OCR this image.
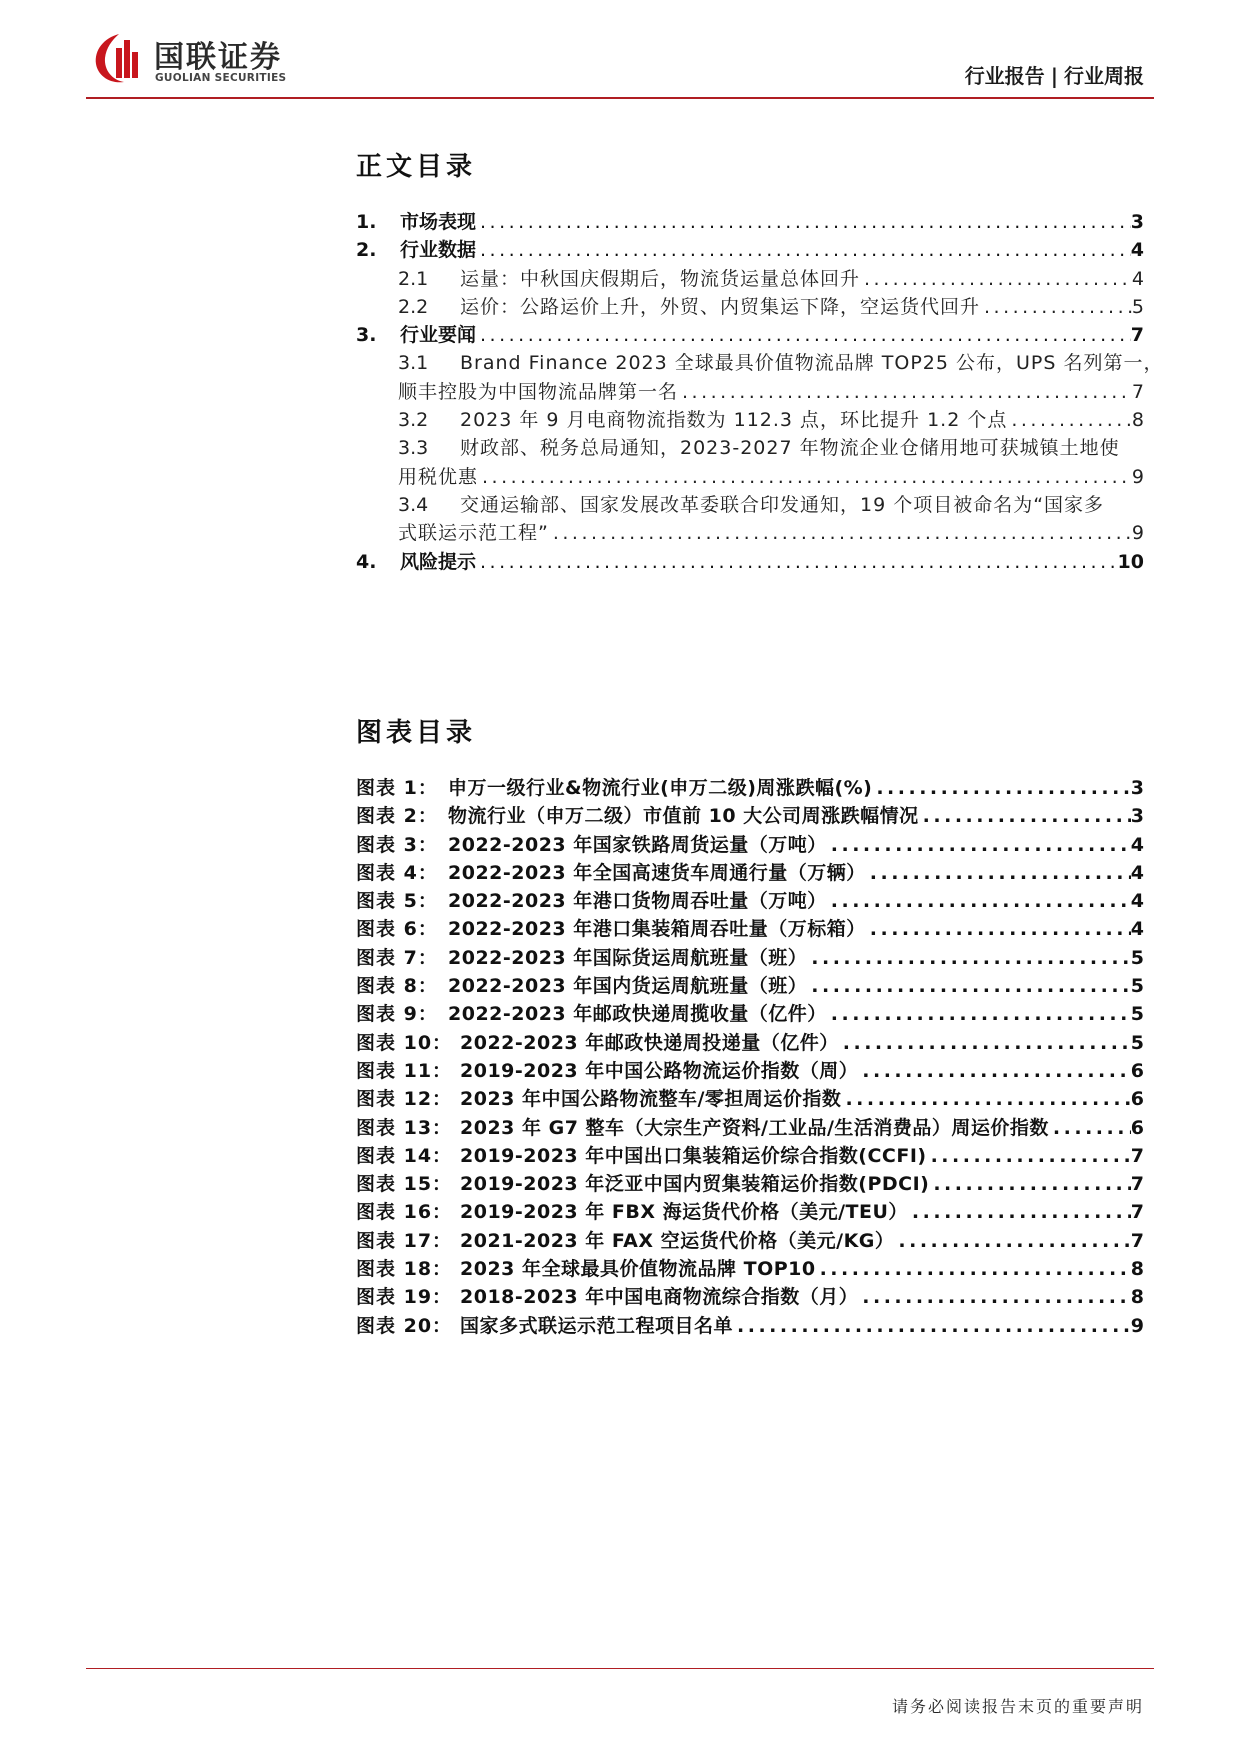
国联证券
GUOLIAN SECURITIES	行业报告 | 行业周报
正文目录
1.	市场表现 .....	3
2.	行业数据 .....	4
2.1	运量：中秋国庆假期后，物流货运量总体回升 .....	4
2.2	运价：公路运价上升，外贸、内贸集运下降，空运货代回升 .....	5
3.	行业要闻 .....	7
3.1	Brand Finance 2023 全球最具价值物流品牌 TOP25 公布，UPS 名列第一，
顺丰控股为中国物流品牌第一名 .....	7
3.2	2023 年 9 月电商物流指数为 112.3 点，环比提升 1.2 个点 .....	8
3.3	财政部、税务总局通知，2023-2027 年物流企业仓储用地可获城镇土地使
用税优惠 .....	9
3.4	交通运输部、国家发展改革委联合印发通知，19 个项目被命名为“国家多
式联运示范工程” .....	9
4.	风险提示 .....	10
图表目录
图表 1： 申万一级行业&物流行业(申万二级)周涨跌幅(%) .....	3
图表 2： 物流行业（申万二级）市值前 10 大公司周涨跌幅情况 .....	3
图表 3： 2022-2023 年国家铁路周货运量（万吨） .....	4
图表 4： 2022-2023 年全国高速货车周通行量（万辆） .....	4
图表 5： 2022-2023 年港口货物周吞吐量（万吨） .....	4
图表 6： 2022-2023 年港口集装箱周吞吐量（万标箱） .....	4
图表 7： 2022-2023 年国际货运周航班量（班） .....	5
图表 8： 2022-2023 年国内货运周航班量（班） .....	5
图表 9： 2022-2023 年邮政快递周揽收量（亿件） .....	5
图表 10： 2022-2023 年邮政快递周投递量（亿件） .....	5
图表 11： 2019-2023 年中国公路物流运价指数（周） .....	6
图表 12： 2023 年中国公路物流整车/零担周运价指数 .....	6
图表 13： 2023 年 G7 整车（大宗生产资料/工业品/生活消费品）周运价指数 .....	6
图表 14： 2019-2023 年中国出口集装箱运价综合指数(CCFI) .....	7
图表 15： 2019-2023 年泛亚中国内贸集装箱运价指数(PDCI) .....	7
图表 16： 2019-2023 年 FBX 海运货代价格（美元/TEU） .....	7
图表 17： 2021-2023 年 FAX 空运货代价格（美元/KG） .....	7
图表 18： 2023 年全球最具价值物流品牌 TOP10 .....	8
图表 19： 2018-2023 年中国电商物流综合指数（月） .....	8
图表 20： 国家多式联运示范工程项目名单 .....	9
请务必阅读报告末页的重要声明
